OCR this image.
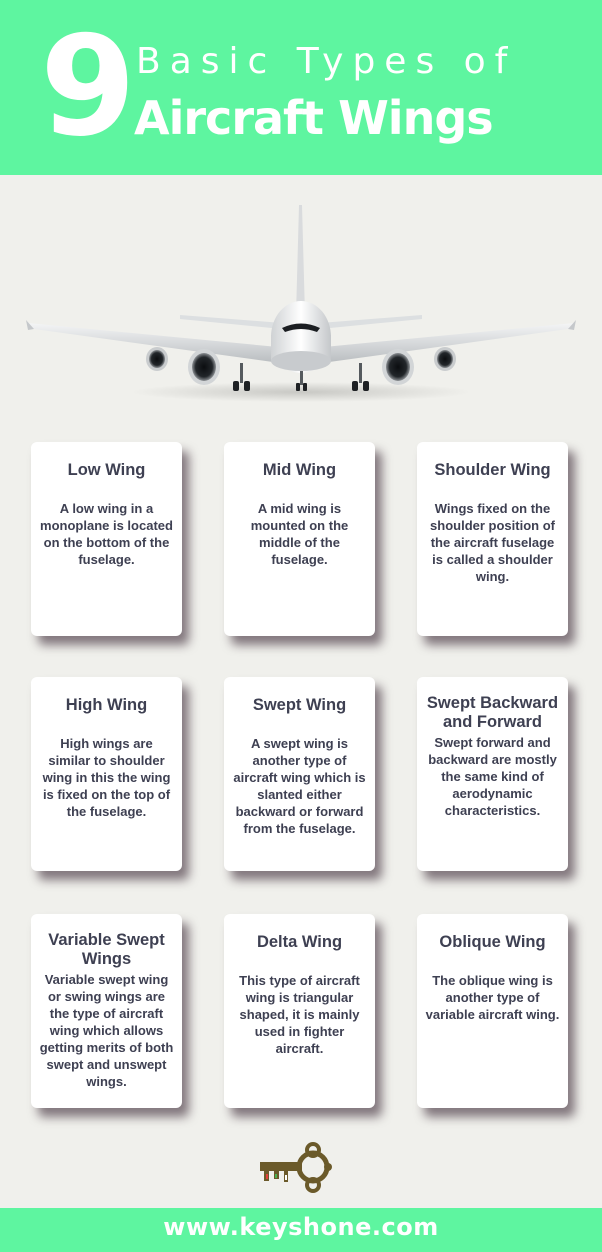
9 Basic Types of
Aircraft Wings
Low Wing
A low wing in a monoplane is located on the bottom of the fuselage.
Mid Wing
A mid wing is mounted on the middle of the fuselage.
Shoulder Wing
Wings fixed on the shoulder position of the aircraft fuselage is called a shoulder wing.
High Wing
High wings are similar to shoulder wing in this the wing is fixed on the top of the fuselage.
Swept Wing
A swept wing is another type of aircraft wing which is slanted either backward or forward from the fuselage.
Swept Backward and Forward
Swept forward and backward are mostly the same kind of aerodynamic characteristics.
Variable Swept Wings
Variable swept wing or swing wings are the type of aircraft wing which allows getting merits of both swept and unswept wings.
Delta Wing
This type of aircraft wing is triangular shaped, it is mainly used in fighter aircraft.
Oblique Wing
The oblique wing is another type of variable aircraft wing.
www.keyshone.com
